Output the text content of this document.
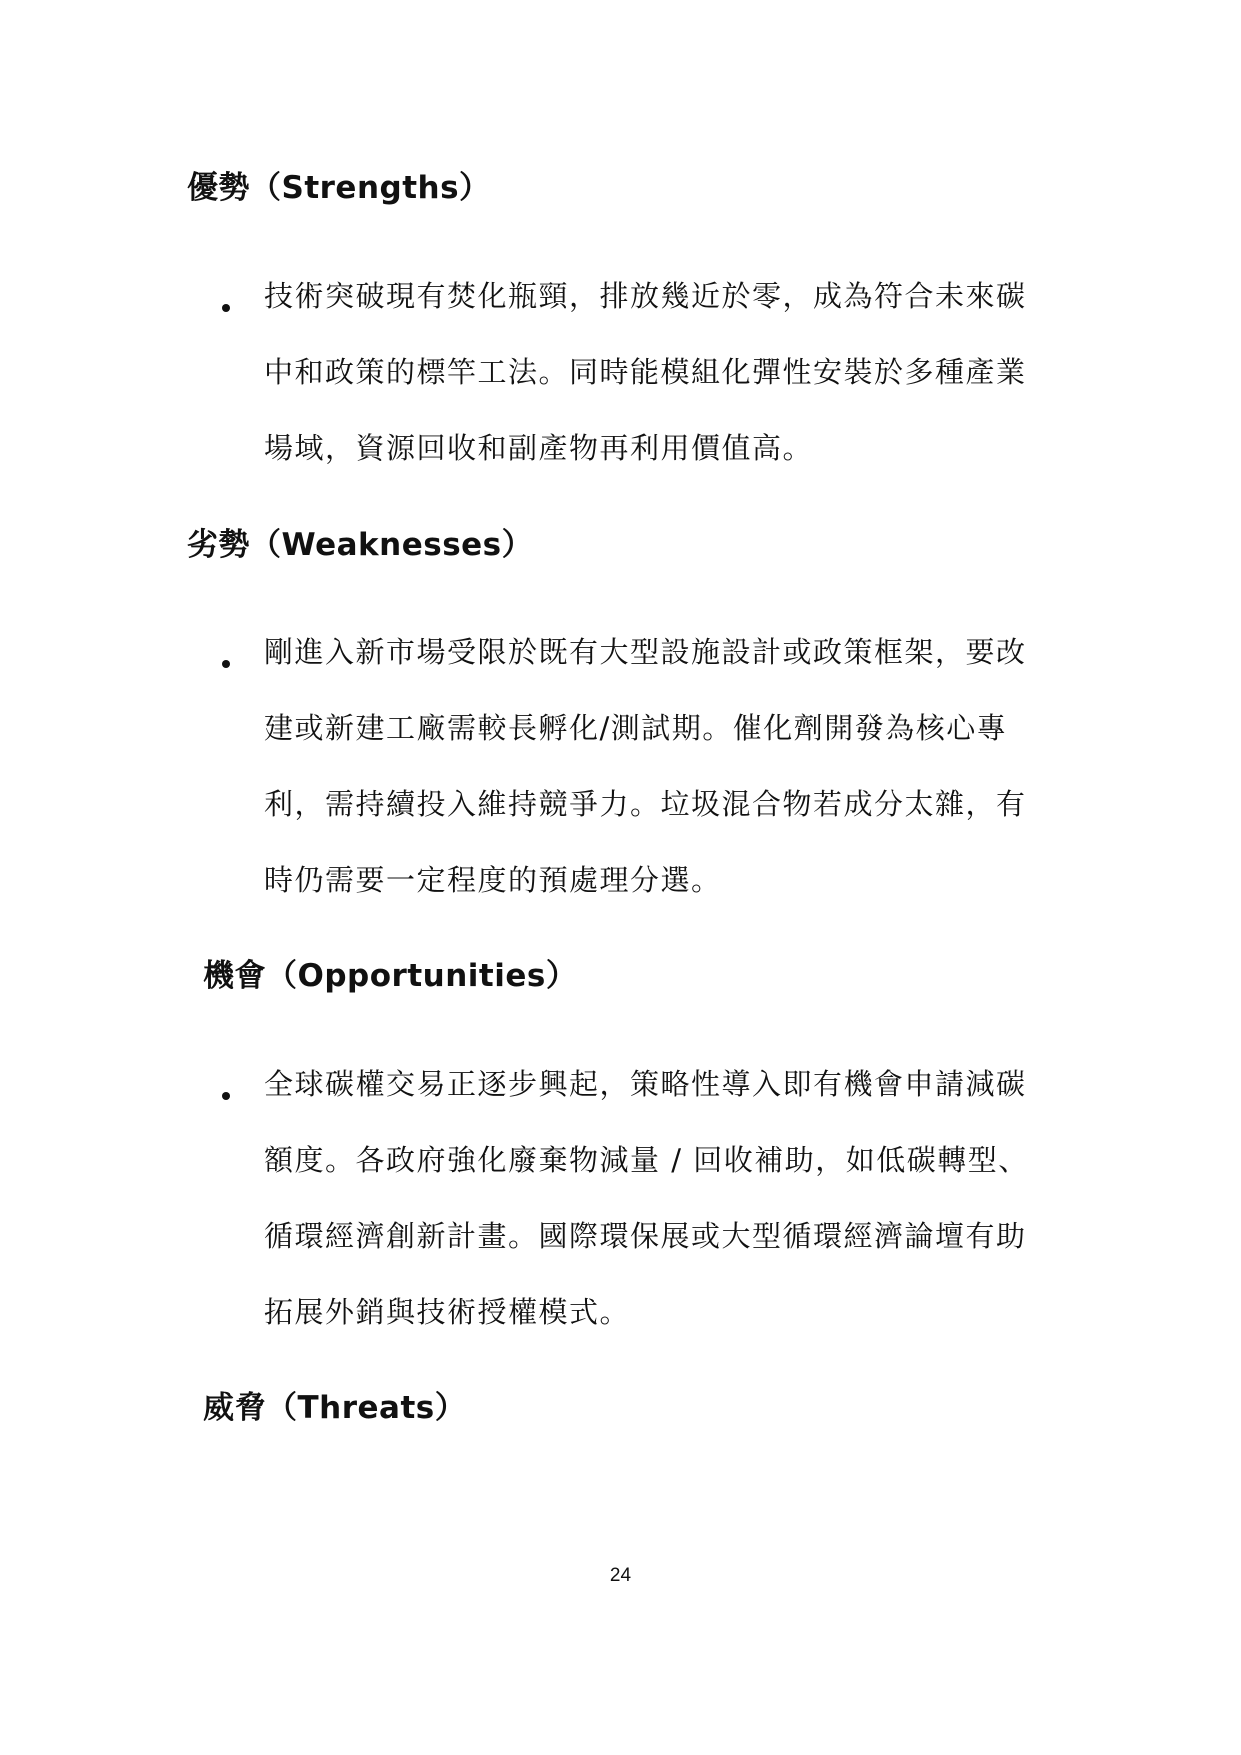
優勢（Strengths）
技術突破現有焚化瓶頸，排放幾近於零，成為符合未來碳
中和政策的標竿工法。同時能模組化彈性安裝於多種產業
場域，資源回收和副產物再利用價值高。
劣勢（Weaknesses）
剛進入新市場受限於既有大型設施設計或政策框架，要改
建或新建工廠需較長孵化/測試期。催化劑開發為核心專
利，需持續投入維持競爭力。垃圾混合物若成分太雜，有
時仍需要一定程度的預處理分選。
機會（Opportunities）
全球碳權交易正逐步興起，策略性導入即有機會申請減碳
額度。各政府強化廢棄物減量 / 回收補助，如低碳轉型、
循環經濟創新計畫。國際環保展或大型循環經濟論壇有助
拓展外銷與技術授權模式。
威脅（Threats）
24
